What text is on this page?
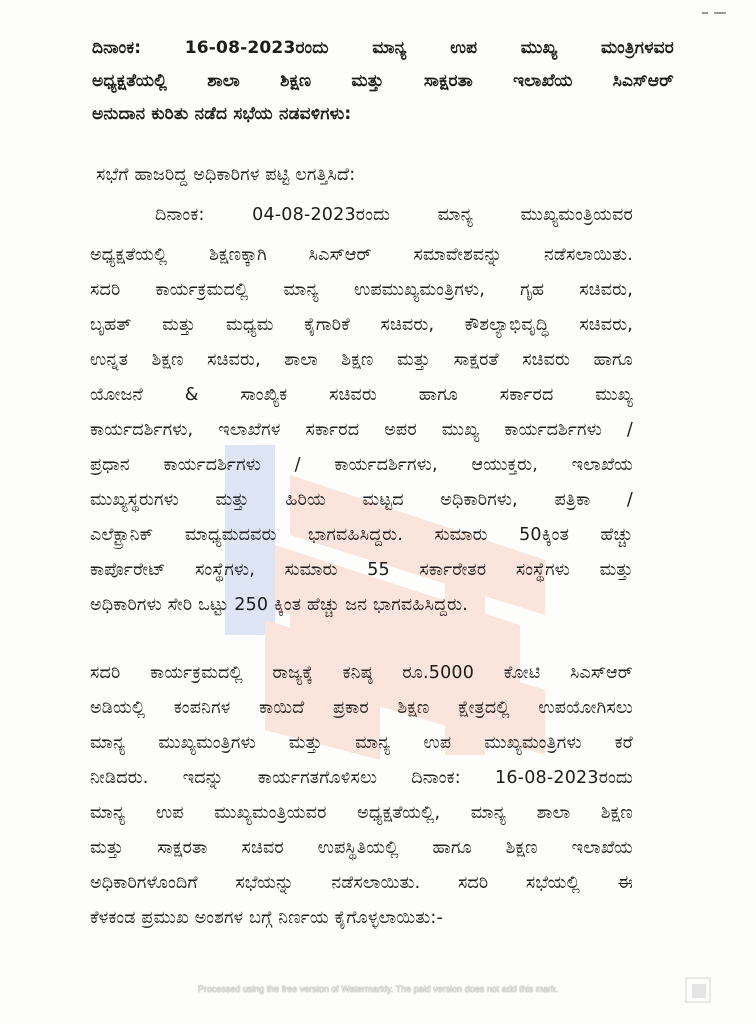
ದಿನಾಂಕ:	16-08-2023ರಂದು	ಮಾನ್ಯ	ಉಪ	ಮುಖ್ಯ	ಮಂತ್ರಿಗಳವರ
ಅಧ್ಯಕ್ಷತೆಯಲ್ಲಿ ಶಾಲಾ ಶಿಕ್ಷಣ ಮತ್ತು ಸಾಕ್ಷರತಾ ಇಲಾಖೆಯ ಸಿಎಸ್‌ಆರ್
ಅನುದಾನ ಕುರಿತು ನಡೆದ ಸಭೆಯ ನಡವಳಿಗಳು:
ಸಭೆಗೆ ಹಾಜರಿದ್ದ ಅಧಿಕಾರಿಗಳ ಪಟ್ಟಿ ಲಗತ್ತಿಸಿದೆ:
ದಿನಾಂಕ:	04-08-2023ರಂದು	ಮಾನ್ಯ	ಮುಖ್ಯಮಂತ್ರಿಯವರ
ಅಧ್ಯಕ್ಷತೆಯಲ್ಲಿ ಶಿಕ್ಷಣಕ್ಕಾಗಿ ಸಿಎಸ್‌ಆರ್ ಸಮಾವೇಶವನ್ನು ನಡೆಸಲಾಯಿತು.
ಸದರಿ ಕಾರ್ಯಕ್ರಮದಲ್ಲಿ ಮಾನ್ಯ ಉಪಮುಖ್ಯಮಂತ್ರಿಗಳು, ಗೃಹ ಸಚಿವರು,
ಬೃಹತ್ ಮತ್ತು ಮಧ್ಯಮ ಕೈಗಾರಿಕೆ ಸಚಿವರು, ಕೌಶಲ್ಯಾಭಿವೃದ್ಧಿ ಸಚಿವರು,
ಉನ್ನತ ಶಿಕ್ಷಣ ಸಚಿವರು, ಶಾಲಾ ಶಿಕ್ಷಣ ಮತ್ತು ಸಾಕ್ಷರತೆ ಸಚಿವರು ಹಾಗೂ
ಯೋಜನೆ & ಸಾಂಖ್ಯಿಕ ಸಚಿವರು ಹಾಗೂ ಸರ್ಕಾರದ ಮುಖ್ಯ
ಕಾರ್ಯದರ್ಶಿಗಳು, ಇಲಾಖೆಗಳ ಸರ್ಕಾರದ ಅಪರ ಮುಖ್ಯ ಕಾರ್ಯದರ್ಶಿಗಳು /
ಪ್ರಧಾನ ಕಾರ್ಯದರ್ಶಿಗಳು / ಕಾರ್ಯದರ್ಶಿಗಳು, ಆಯುಕ್ತರು, ಇಲಾಖೆಯ
ಮುಖ್ಯಸ್ಥರುಗಳು ಮತ್ತು ಹಿರಿಯ ಮಟ್ಟದ ಅಧಿಕಾರಿಗಳು, ಪತ್ರಿಕಾ /
ಎಲೆಕ್ಟ್ರಾನಿಕ್ ಮಾಧ್ಯಮದವರು ಭಾಗವಹಿಸಿದ್ದರು. ಸುಮಾರು 50ಕ್ಕಿಂತ ಹೆಚ್ಚು
ಕಾರ್ಪೊರೇಟ್ ಸಂಸ್ಥೆಗಳು, ಸುಮಾರು 55 ಸರ್ಕಾರೇತರ ಸಂಸ್ಥೆಗಳು ಮತ್ತು
ಅಧಿಕಾರಿಗಳು ಸೇರಿ ಒಟ್ಟು 250 ಕ್ಕಿಂತ ಹೆಚ್ಚು ಜನ ಭಾಗವಹಿಸಿದ್ದರು.
ಸದರಿ ಕಾರ್ಯಕ್ರಮದಲ್ಲಿ ರಾಜ್ಯಕ್ಕೆ ಕನಿಷ್ಠ ರೂ.5000 ಕೋಟಿ ಸಿಎಸ್‌ಆರ್
ಅಡಿಯಲ್ಲಿ ಕಂಪನಿಗಳ ಕಾಯಿದೆ ಪ್ರಕಾರ ಶಿಕ್ಷಣ ಕ್ಷೇತ್ರದಲ್ಲಿ ಉಪಯೋಗಿಸಲು
ಮಾನ್ಯ ಮುಖ್ಯಮಂತ್ರಿಗಳು ಮತ್ತು ಮಾನ್ಯ ಉಪ ಮುಖ್ಯಮಂತ್ರಿಗಳು ಕರೆ
ನೀಡಿದರು. ಇದನ್ನು ಕಾರ್ಯಗತಗೊಳಿಸಲು ದಿನಾಂಕ: 16-08-2023ರಂದು
ಮಾನ್ಯ ಉಪ ಮುಖ್ಯಮಂತ್ರಿಯವರ ಅಧ್ಯಕ್ಷತೆಯಲ್ಲಿ, ಮಾನ್ಯ ಶಾಲಾ ಶಿಕ್ಷಣ
ಮತ್ತು ಸಾಕ್ಷರತಾ ಸಚಿವರ ಉಪಸ್ಥಿತಿಯಲ್ಲಿ ಹಾಗೂ ಶಿಕ್ಷಣ ಇಲಾಖೆಯ
ಅಧಿಕಾರಿಗಳೊಂದಿಗೆ ಸಭೆಯನ್ನು ನಡೆಸಲಾಯಿತು. ಸದರಿ ಸಭೆಯಲ್ಲಿ ಈ
ಕೆಳಕಂಡ ಪ್ರಮುಖ ಅಂಶಗಳ ಬಗ್ಗೆ ನಿರ್ಣಯ ಕೈಗೊಳ್ಳಲಾಯಿತು:-
Processed using the free version of Watermarkly. The paid version does not add this mark.
